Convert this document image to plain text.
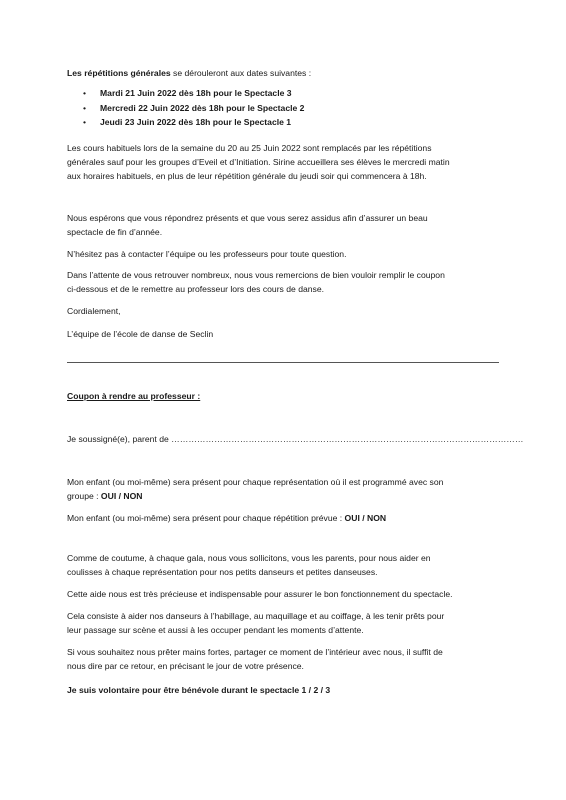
Les répétitions générales se dérouleront aux dates suivantes :
• Mardi 21 Juin 2022 dès 18h pour le Spectacle 3
• Mercredi 22 Juin 2022 dès 18h pour le Spectacle 2
• Jeudi 23 Juin 2022 dès 18h pour le Spectacle 1
Les cours habituels lors de la semaine du 20 au 25 Juin 2022 sont remplacés par les répétitions
générales sauf pour les groupes d’Eveil et d’Initiation. Sirine accueillera ses élèves le mercredi matin
aux horaires habituels, en plus de leur répétition générale du jeudi soir qui commencera à 18h.
Nous espérons que vous répondrez présents et que vous serez assidus afin d’assurer un beau
spectacle de fin d’année.
N’hésitez pas à contacter l’équipe ou les professeurs pour toute question.
Dans l’attente de vous retrouver nombreux, nous vous remercions de bien vouloir remplir le coupon
ci-dessous et de le remettre au professeur lors des cours de danse.
Cordialement,
L’équipe de l’école de danse de Seclin
Coupon à rendre au professeur :
Je soussigné(e), parent de ……………………………………………………………………………………………………………
Mon enfant (ou moi-même) sera présent pour chaque représentation où il est programmé avec son
groupe : OUI / NON
Mon enfant (ou moi-même) sera présent pour chaque répétition prévue : OUI / NON
Comme de coutume, à chaque gala, nous vous sollicitons, vous les parents, pour nous aider en
coulisses à chaque représentation pour nos petits danseurs et petites danseuses.
Cette aide nous est très précieuse et indispensable pour assurer le bon fonctionnement du spectacle.
Cela consiste à aider nos danseurs à l’habillage, au maquillage et au coiffage, à les tenir prêts pour
leur passage sur scène et aussi à les occuper pendant les moments d’attente.
Si vous souhaitez nous prêter mains fortes, partager ce moment de l’intérieur avec nous, il suffit de
nous dire par ce retour, en précisant le jour de votre présence.
Je suis volontaire pour être bénévole durant le spectacle 1 / 2 / 3
